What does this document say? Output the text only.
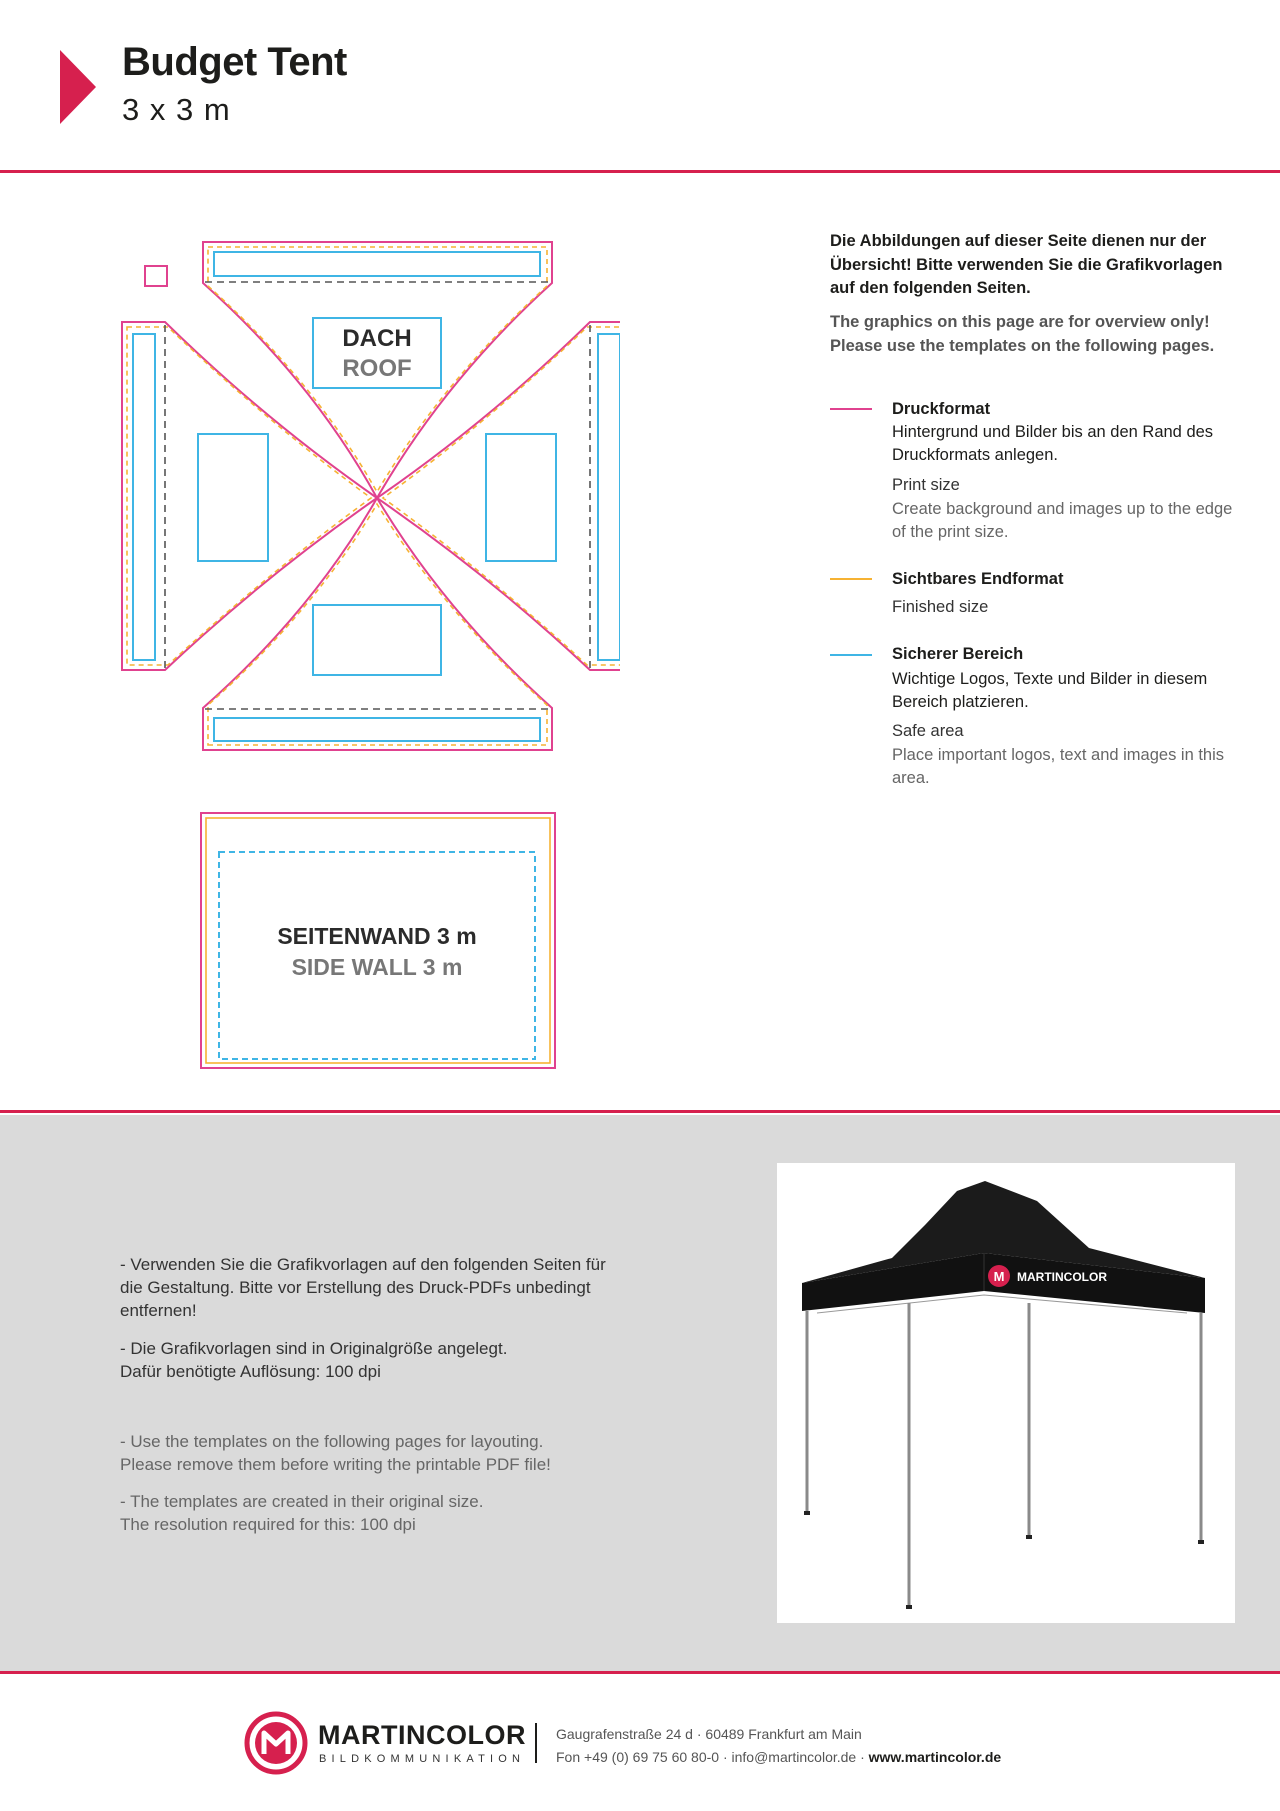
Budget Tent
3 x 3 m
DACH
ROOF
SEITENWAND 3 m
SIDE WALL 3 m
Die Abbildungen auf dieser Seite dienen nur der Übersicht! Bitte verwenden Sie die Grafikvorlagen auf den folgenden Seiten.
The graphics on this page are for overview only! Please use the templates on the following pages.
Druckformat
Hintergrund und Bilder bis an den Rand des Druckformats anlegen.
Print size
Create background and images up to the edge of the print size.
Sichtbares Endformat
Finished size
Sicherer Bereich
Wichtige Logos, Texte und Bilder in diesem Bereich platzieren.
Safe area
Place important logos, text and images in this area.
- Verwenden Sie die Grafikvorlagen auf den folgenden Seiten für
die Gestaltung. Bitte vor Erstellung des Druck-PDFs unbedingt
entfernen!
- Die Grafikvorlagen sind in Originalgröße angelegt.
Dafür benötigte Auflösung: 100 dpi
- Use the templates on the following pages for layouting.
Please remove them before writing the printable PDF file!
- The templates are created in their original size.
The resolution required for this: 100 dpi
M MARTINCOLOR
MARTINCOLOR
BILDKOMMUNIKATION
Gaugrafenstraße 24 d · 60489 Frankfurt am Main
Fon +49 (0) 69 75 60 80-0 · info@martincolor.de · www.martincolor.de
